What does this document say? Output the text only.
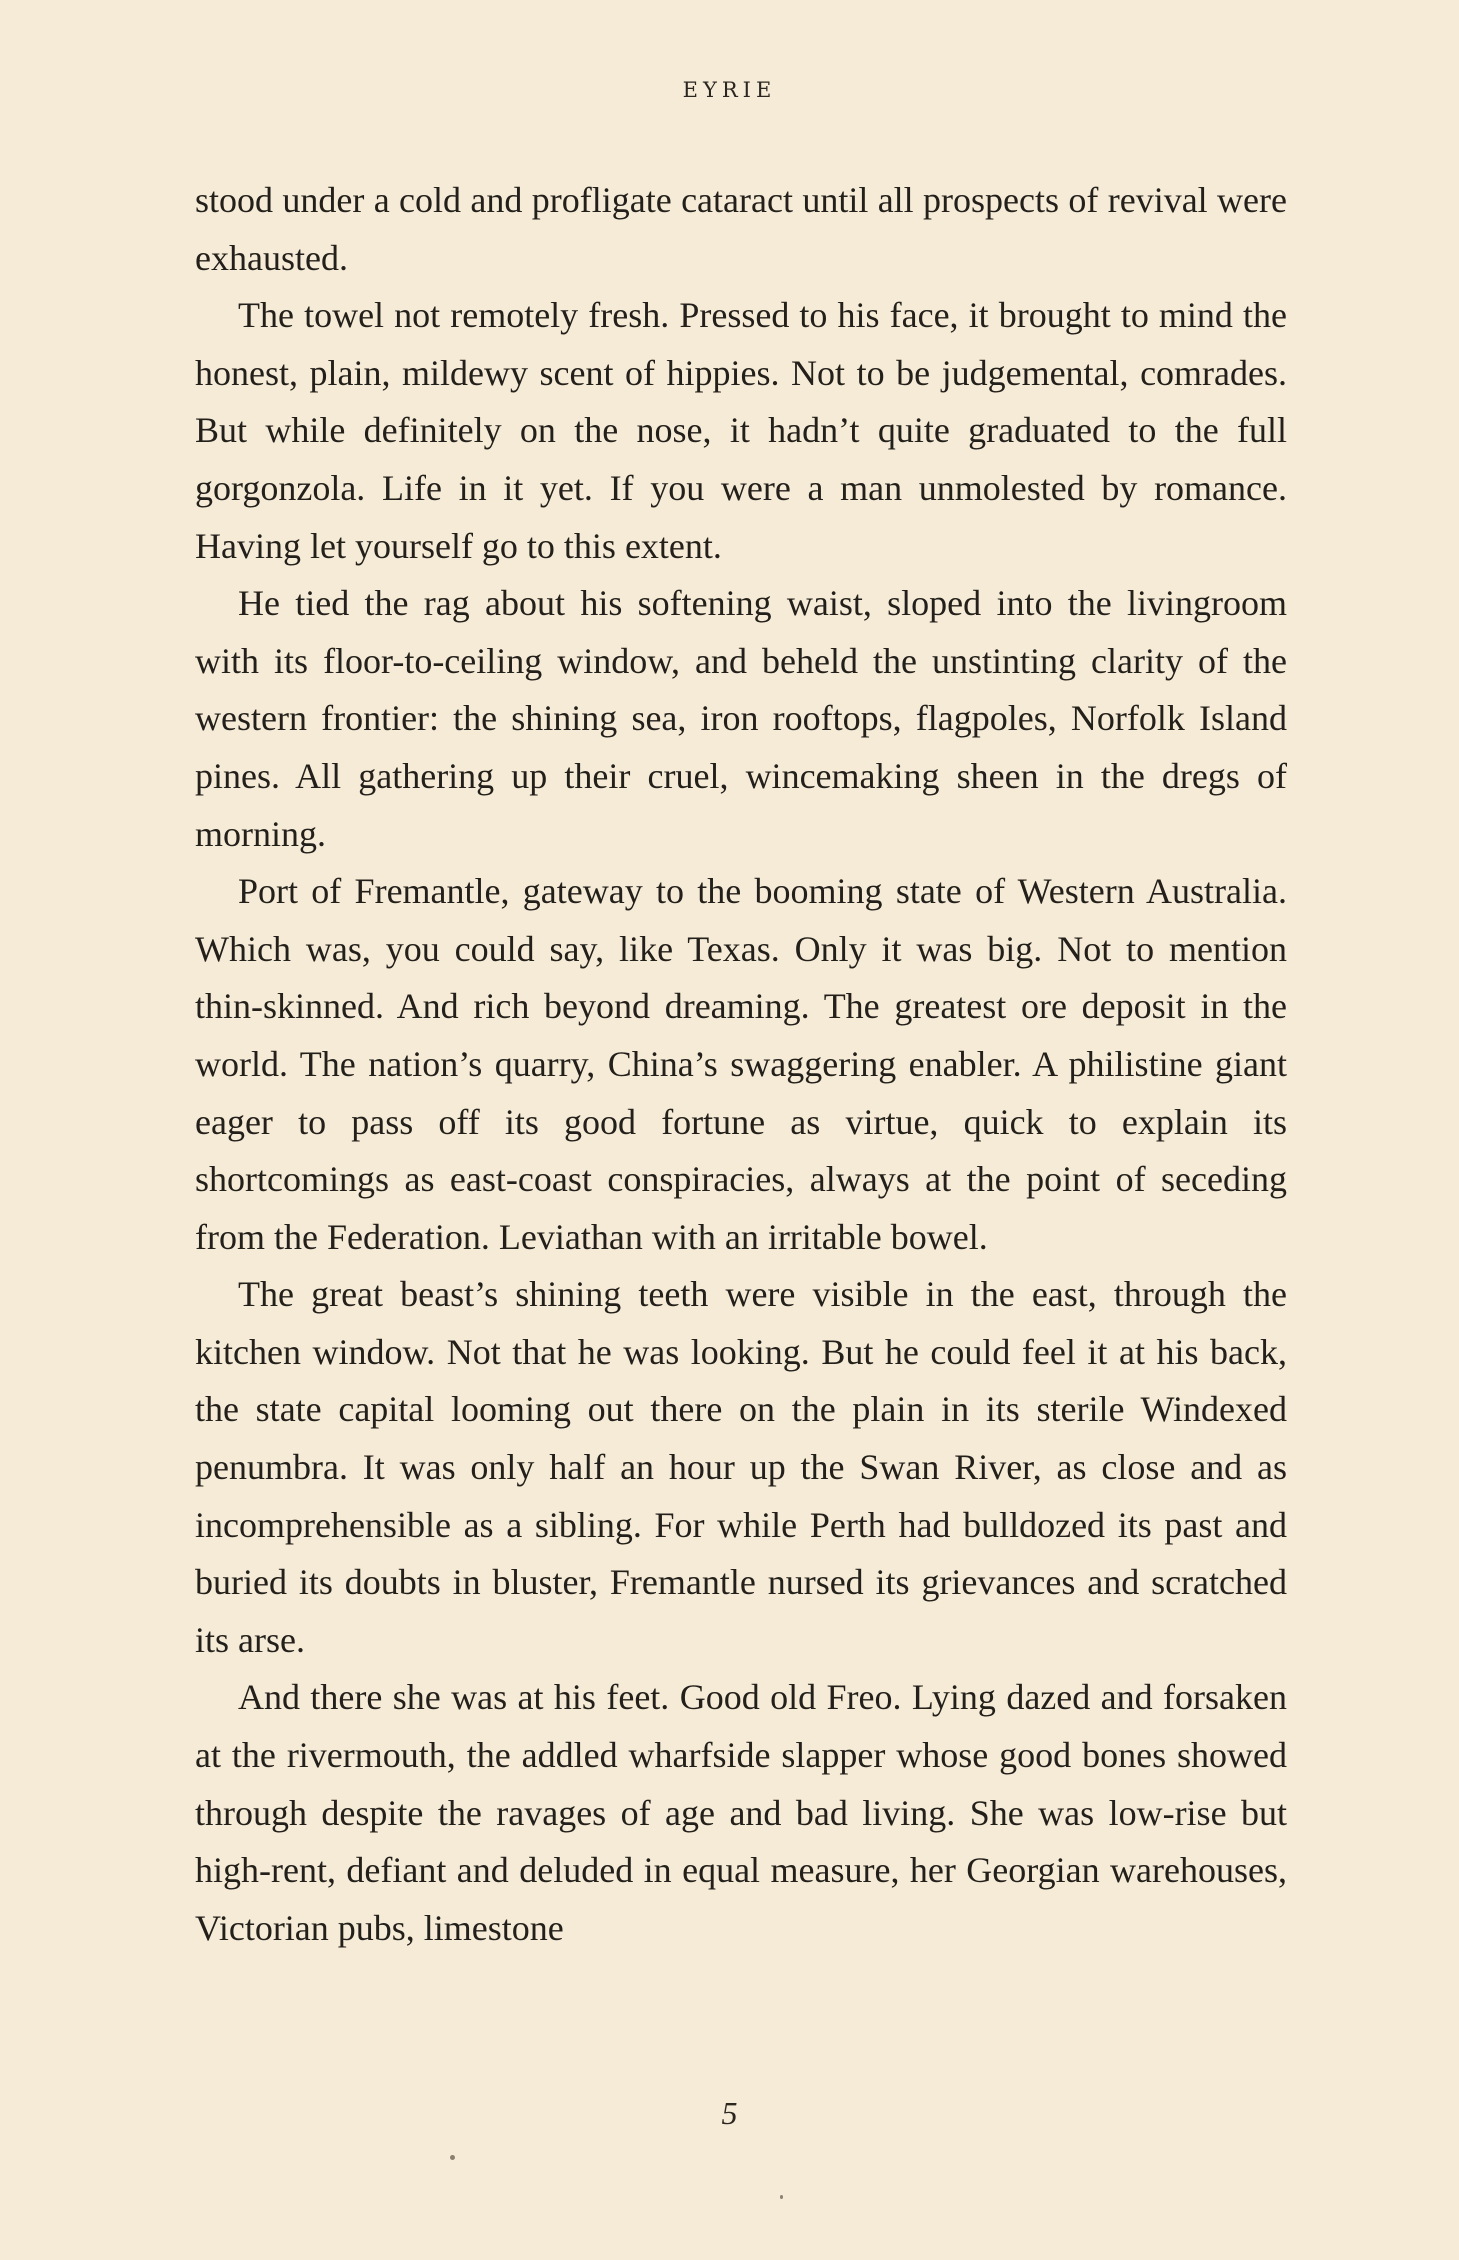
EYRIE

stood under a cold and profligate cataract until all prospects of revival were exhausted.

The towel not remotely fresh. Pressed to his face, it brought to mind the honest, plain, mildewy scent of hippies. Not to be judgemental, comrades. But while definitely on the nose, it hadn’t quite graduated to the full gorgonzola. Life in it yet. If you were a man unmolested by romance. Having let yourself go to this extent.

He tied the rag about his softening waist, sloped into the livingroom with its floor-to-ceiling window, and beheld the unstinting clarity of the western frontier: the shining sea, iron rooftops, flagpoles, Norfolk Island pines. All gathering up their cruel, wincemaking sheen in the dregs of morning.

Port of Fremantle, gateway to the booming state of Western Australia. Which was, you could say, like Texas. Only it was big. Not to mention thin-skinned. And rich beyond dreaming. The greatest ore deposit in the world. The nation’s quarry, China’s swaggering enabler. A philistine giant eager to pass off its good fortune as virtue, quick to explain its shortcomings as east-coast conspiracies, always at the point of seceding from the Federation. Leviathan with an irritable bowel.

The great beast’s shining teeth were visible in the east, through the kitchen window. Not that he was looking. But he could feel it at his back, the state capital looming out there on the plain in its sterile Windexed penumbra. It was only half an hour up the Swan River, as close and as incomprehensible as a sibling. For while Perth had bulldozed its past and buried its doubts in bluster, Fremantle nursed its grievances and scratched its arse.

And there she was at his feet. Good old Freo. Lying dazed and forsaken at the rivermouth, the addled wharfside slapper whose good bones showed through despite the ravages of age and bad living. She was low-rise but high-rent, defiant and deluded in equal measure, her Georgian warehouses, Victorian pubs, limestone

5
